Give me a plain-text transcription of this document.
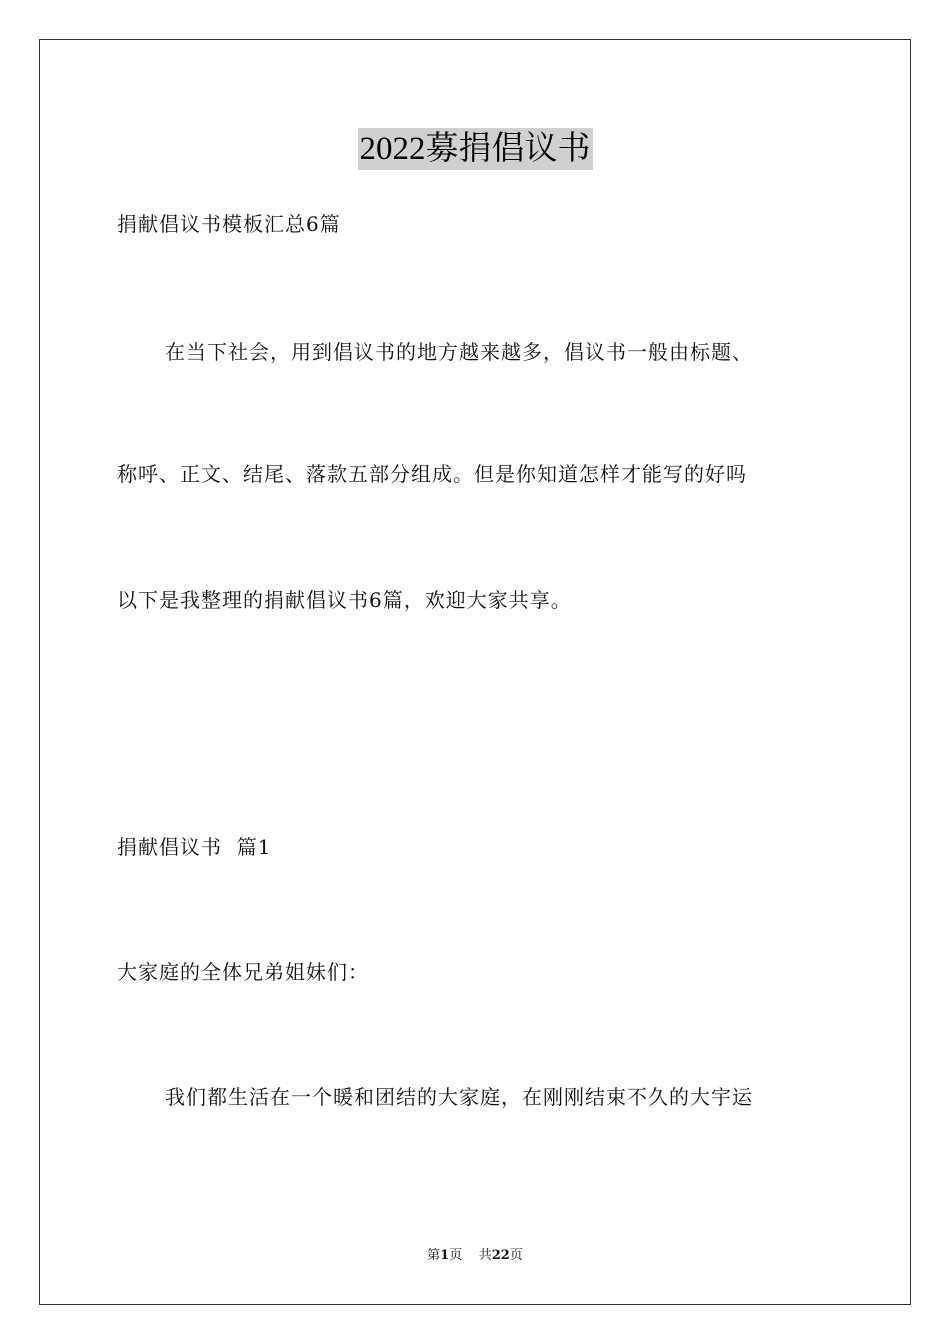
2022募捐倡议书
捐献倡议书模板汇总6篇
在当下社会，用到倡议书的地方越来越多，倡议书一般由标题、
称呼、正文、结尾、落款五部分组成。但是你知道怎样才能写的好吗
以下是我整理的捐献倡议书6篇，欢迎大家共享。
捐献倡议书  篇1
大家庭的全体兄弟姐妹们：
我们都生活在一个暖和团结的大家庭，在刚刚结束不久的大宇运
第1页    共22页
